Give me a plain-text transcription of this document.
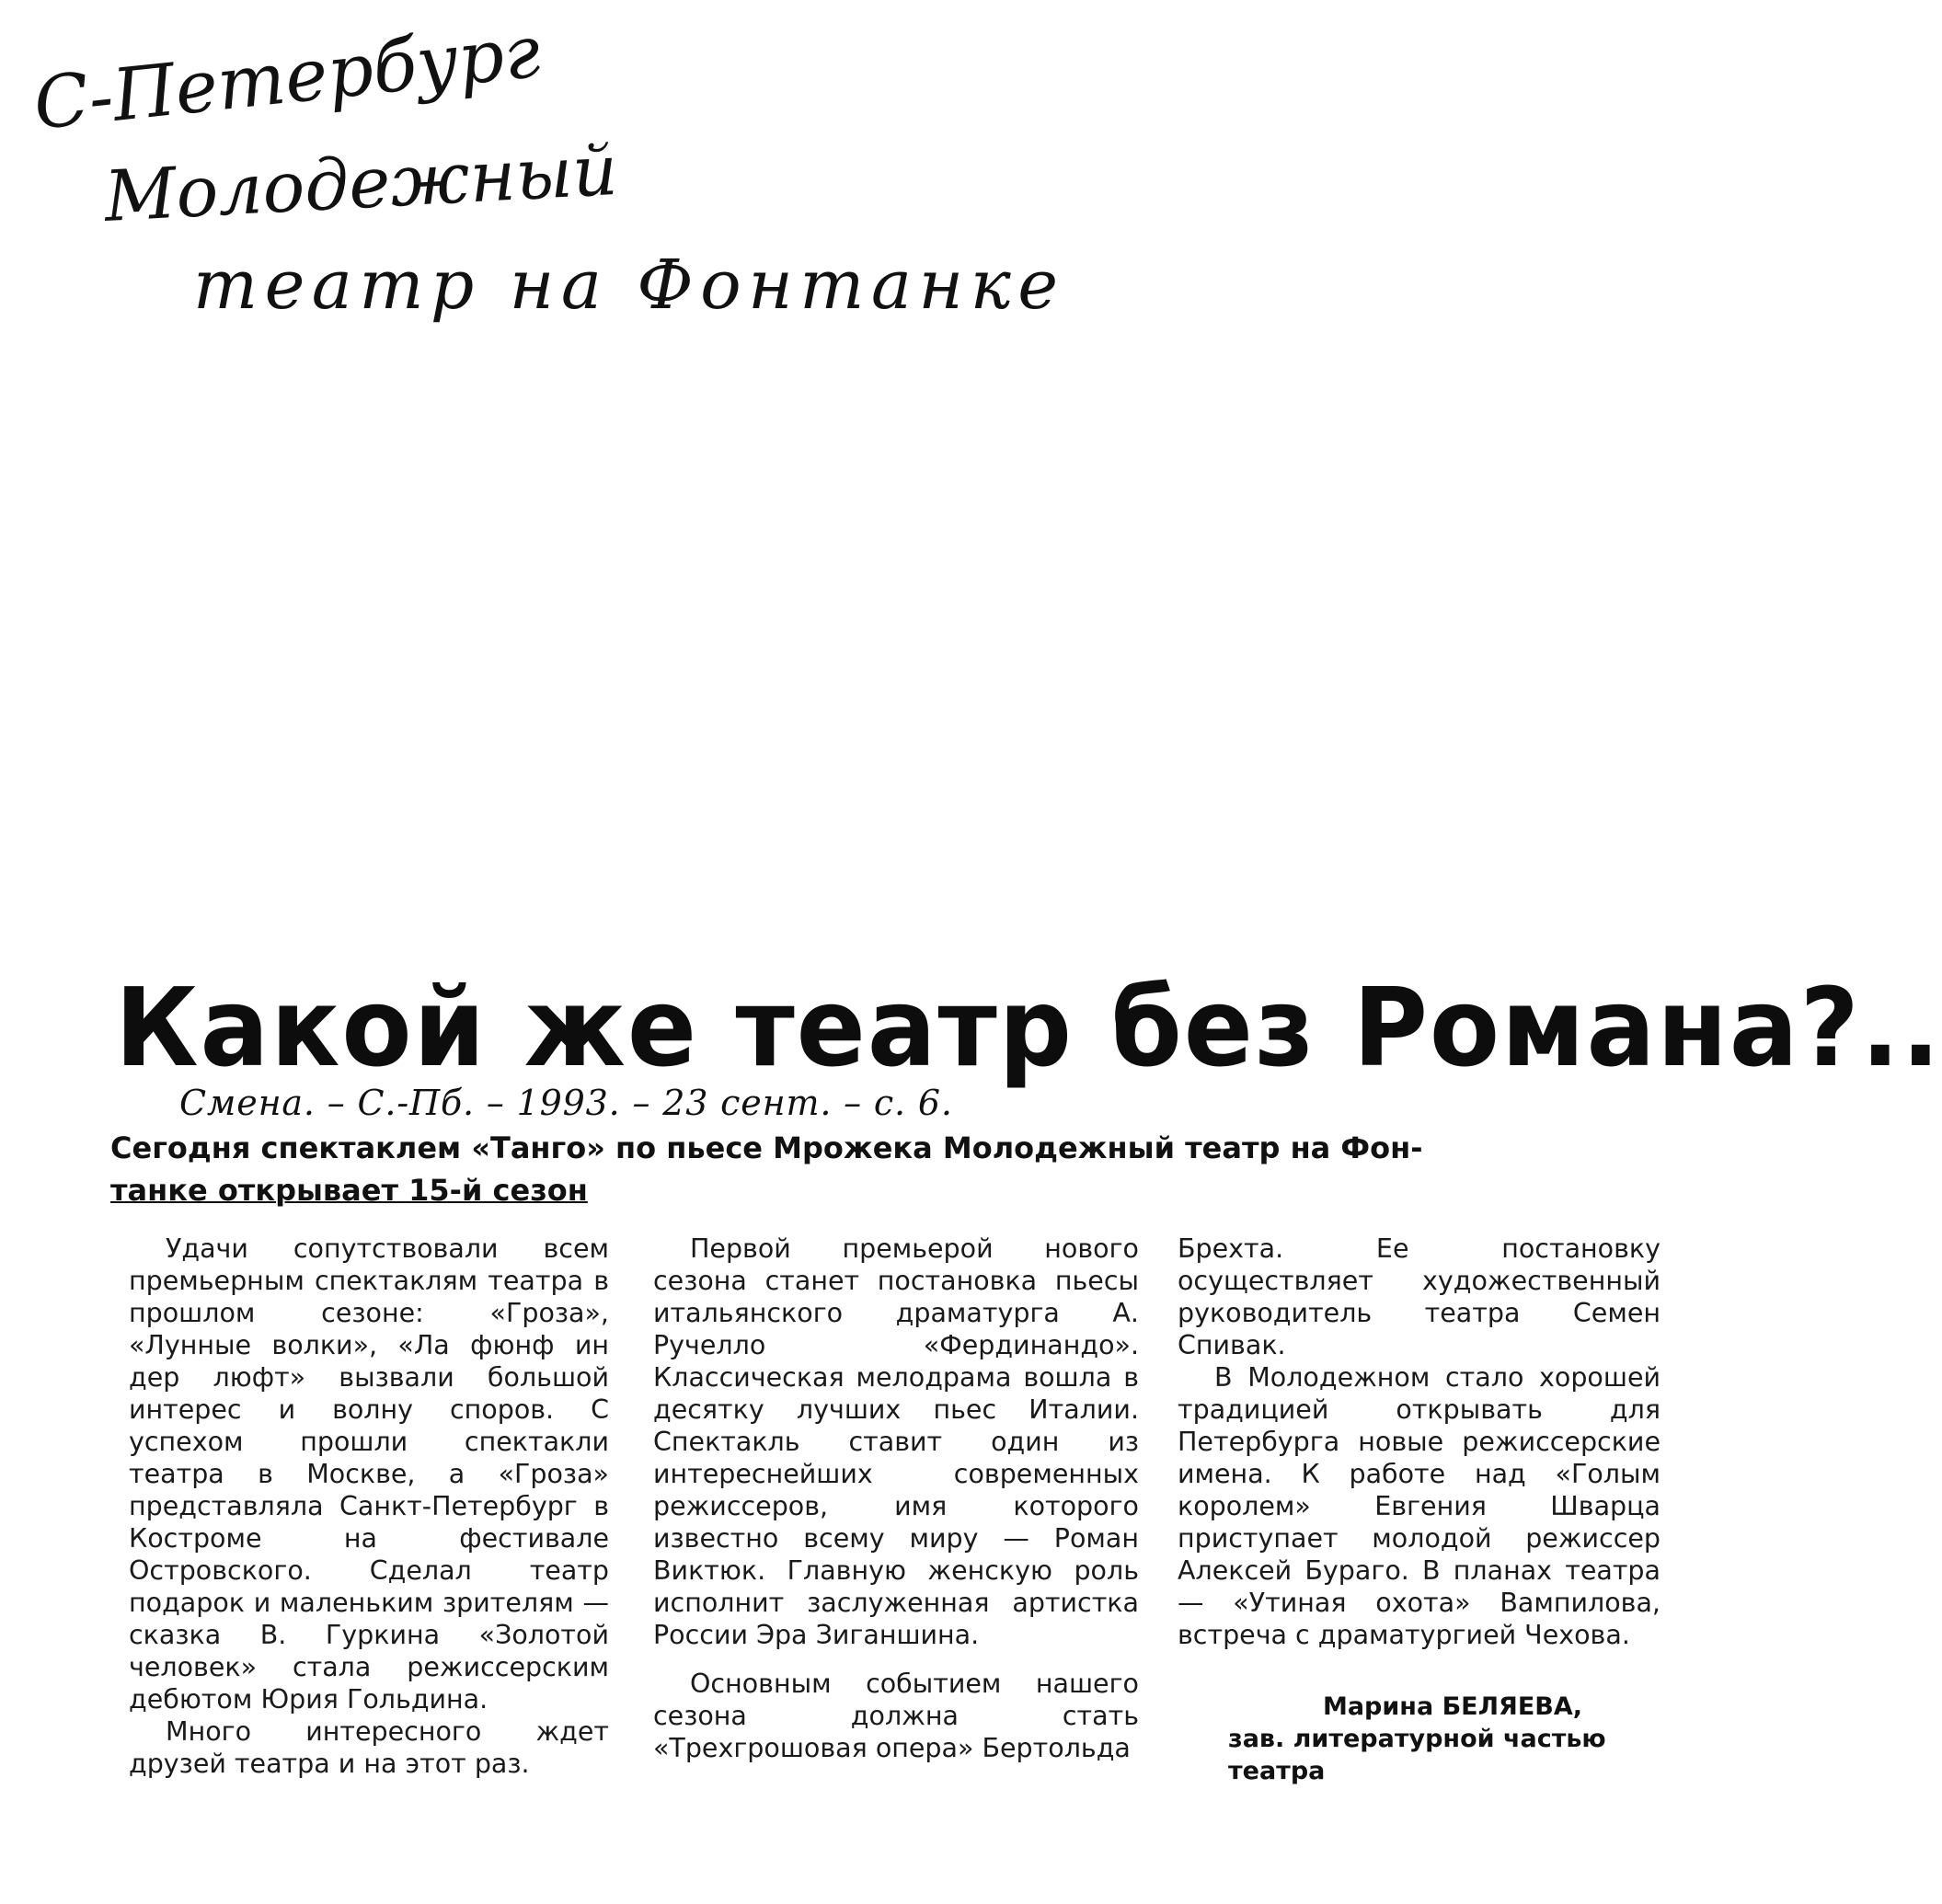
С-Петербург
Молодежный
театр на Фонтанке
Какой же театр без Романа?..
Смена. – С.-Пб. – 1993. – 23 сент. – с. 6.
Сегодня спектаклем «Танго» по пьесе Мрожека Молодежный театр на Фон-
танке открывает 15-й сезон

Удачи сопутствовали всем премьерным спектаклям театра в прошлом сезоне: «Гроза», «Лунные волки», «Ла фюнф ин дер люфт» вызвали большой интерес и волну споров. С успехом прошли спектакли театра в Москве, а «Гроза» представляла Санкт-Петербург в Костроме на фестивале Островского. Сделал театр подарок и маленьким зрителям — сказка В. Гуркина «Золотой человек» стала режиссерским дебютом Юрия Гольдина.

Много интересного ждет друзей театра и на этот раз.

Первой премьерой нового сезона станет постановка пьесы итальянского драматурга А. Ручелло «Фердинандо». Классическая мелодрама вошла в десятку лучших пьес Италии. Спектакль ставит один из интереснейших современных режиссеров, имя которого известно всему миру — Роман Виктюк. Главную женскую роль исполнит заслуженная артистка России Эра Зиганшина.

Основным событием нашего сезона должна стать «Трехгрошовая опера» Бертольда

Брехта. Ее постановку осуществляет художественный руководитель театра Семен Спивак.

В Молодежном стало хорошей традицией открывать для Петербурга новые режиссерские имена. К работе над «Голым королем» Евгения Шварца приступает молодой режиссер Алексей Бураго. В планах театра — «Утиная охота» Вампилова, встреча с драматургией Чехова.

Марина БЕЛЯЕВА,
зав. литературной частью
театра
